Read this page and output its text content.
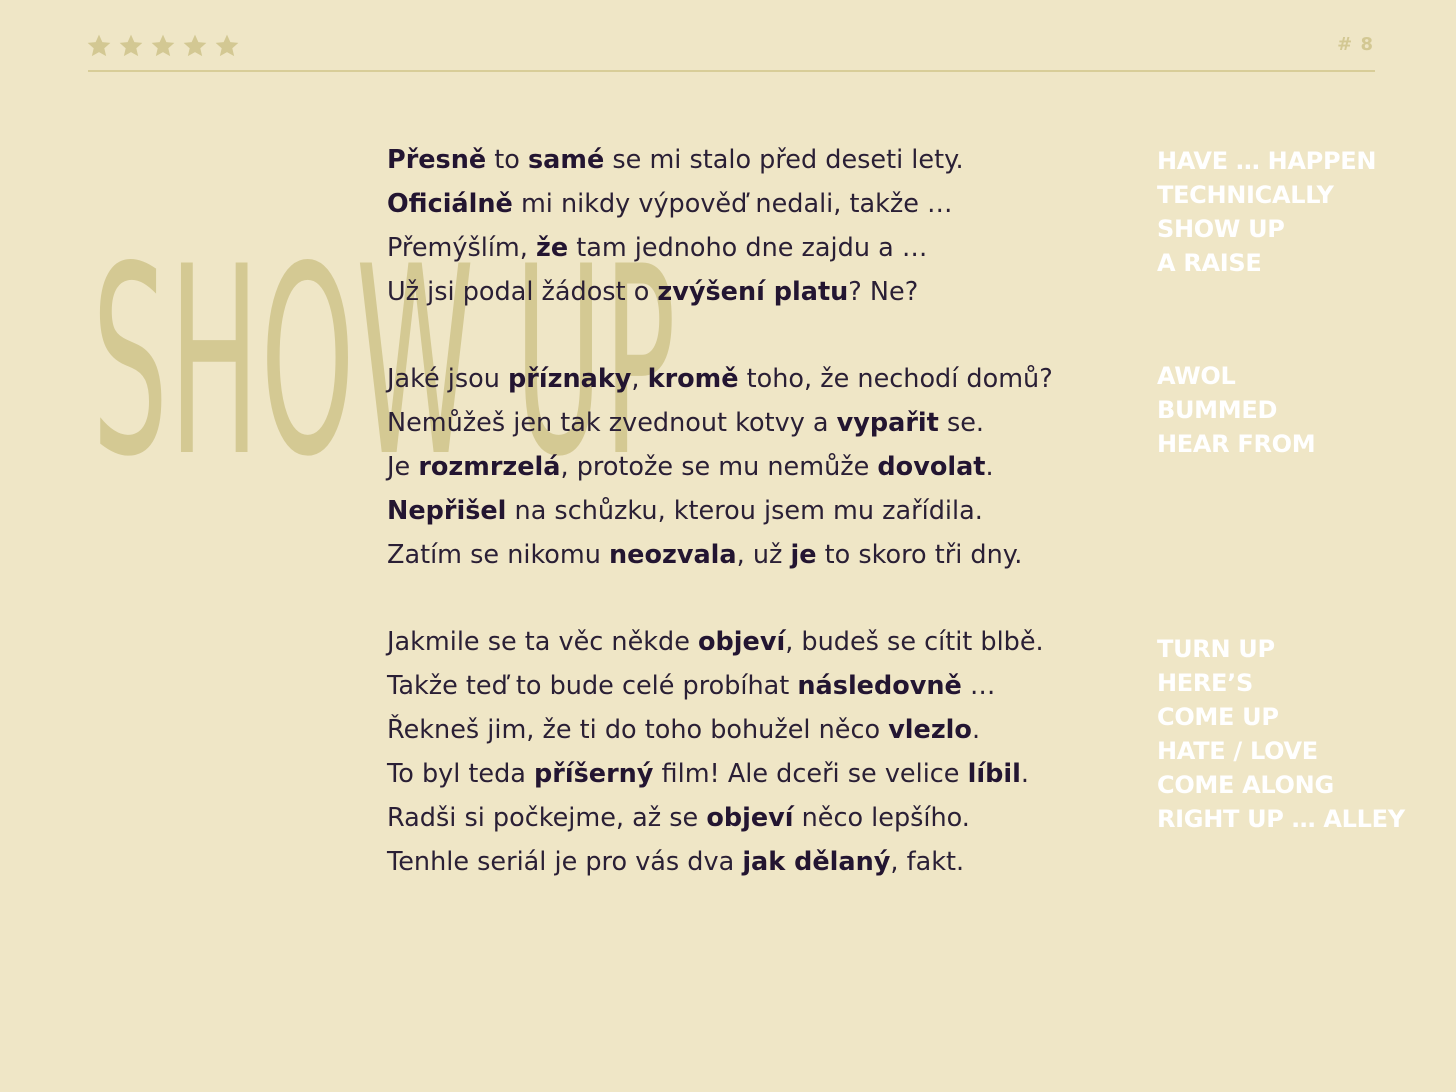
# 8
SHOW UP
Přesně to samé se mi stalo před deseti lety.
Oficiálně mi nikdy výpověď nedali, takže …
Přemýšlím, že tam jednoho dne zajdu a …
Už jsi podal žádost o zvýšení platu? Ne?
Jaké jsou příznaky, kromě toho, že nechodí domů?
Nemůžeš jen tak zvednout kotvy a vypařit se.
Je rozmrzelá, protože se mu nemůže dovolat.
Nepřišel na schůzku, kterou jsem mu zařídila.
Zatím se nikomu neozvala, už je to skoro tři dny.
Jakmile se ta věc někde objeví, budeš se cítit blbě.
Takže teď to bude celé probíhat následovně …
Řekneš jim, že ti do toho bohužel něco vlezlo.
To byl teda příšerný film! Ale dceři se velice líbil.
Radši si počkejme, až se objeví něco lepšího.
Tenhle seriál je pro vás dva jak dělaný, fakt.
HAVE … HAPPEN
TECHNICALLY
SHOW UP
A RAISE
AWOL
BUMMED
HEAR FROM
TURN UP
HERE’S
COME UP
HATE / LOVE
COME ALONG
RIGHT UP … ALLEY
